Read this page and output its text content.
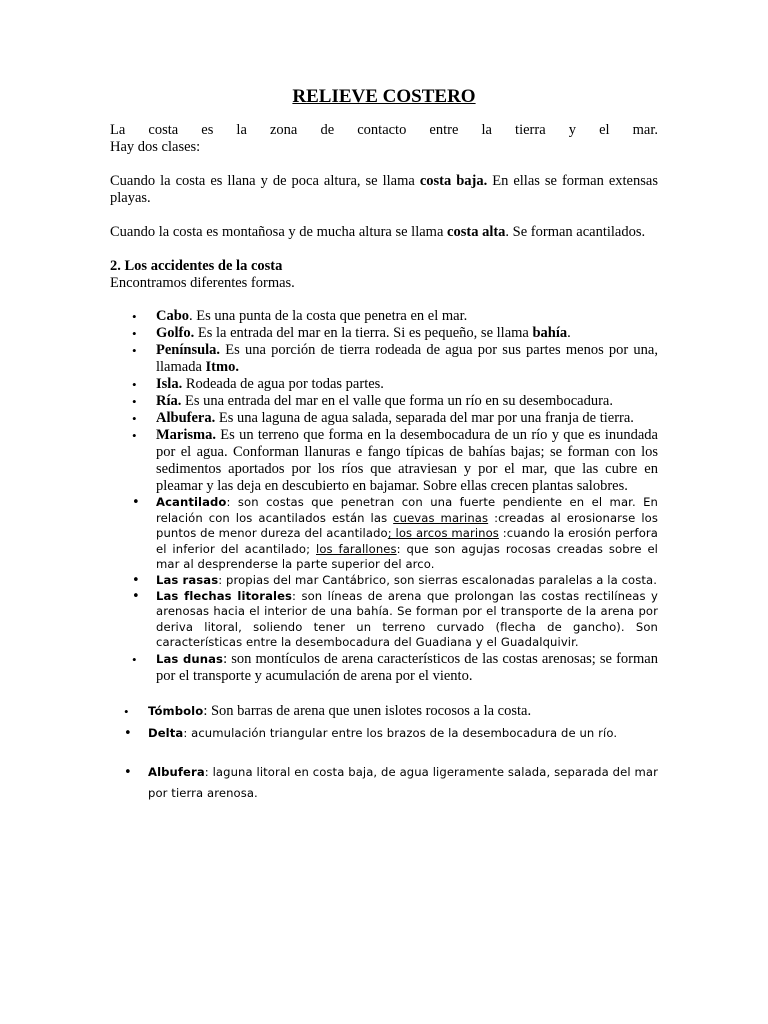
RELIEVE COSTERO

La costa es la zona de contacto entre la tierra y el mar.

Hay dos clases:

Cuando la costa es llana y de poca altura, se llama costa baja. En ellas se forman extensas playas.

Cuando la costa es montañosa y de mucha altura se llama costa alta. Se forman acantilados.

2. Los accidentes de la costa

Encontramos diferentes formas.

• Cabo. Es una punta de la costa que penetra en el mar.
• Golfo. Es la entrada del mar en la tierra. Si es pequeño, se llama bahía.
• Península. Es una porción de tierra rodeada de agua por sus partes menos por una, llamada Itmo.
• Isla. Rodeada de agua por todas partes.
• Ría. Es una entrada del mar en el valle que forma un río en su desembocadura.
• Albufera. Es una laguna de agua salada, separada del mar por una franja de tierra.
• Marisma. Es un terreno que forma en la desembocadura de un río y que es inundada por el agua. Conforman llanuras e fango típicas de bahías bajas; se forman con los sedimentos aportados por los ríos que atraviesan y por el mar, que las cubre en pleamar y las deja en descubierto en bajamar. Sobre ellas crecen plantas salobres.
• Acantilado: son costas que penetran con una fuerte pendiente en el mar. En relación con los acantilados están las cuevas marinas :creadas al erosionarse los puntos de menor dureza del acantilado; los arcos marinos :cuando la erosión perfora el inferior del acantilado; los farallones: que son agujas rocosas creadas sobre el mar al desprenderse la parte superior del arco.
• Las rasas: propias del mar Cantábrico, son sierras escalonadas paralelas a la costa.
• Las flechas litorales: son líneas de arena que prolongan las costas rectilíneas y arenosas hacia el interior de una bahía. Se forman por el transporte de la arena por deriva litoral, soliendo tener un terreno curvado (flecha de gancho). Son características entre la desembocadura del Guadiana y el Guadalquivir.
• Las dunas: son montículos de arena característicos de las costas arenosas; se forman por el transporte y acumulación de arena por el viento.
• Tómbolo: Son barras de arena que unen islotes rocosos a la costa.
• Delta: acumulación triangular entre los brazos de la desembocadura de un río.
• Albufera: laguna litoral en costa baja, de agua ligeramente salada, separada del mar por tierra arenosa.
